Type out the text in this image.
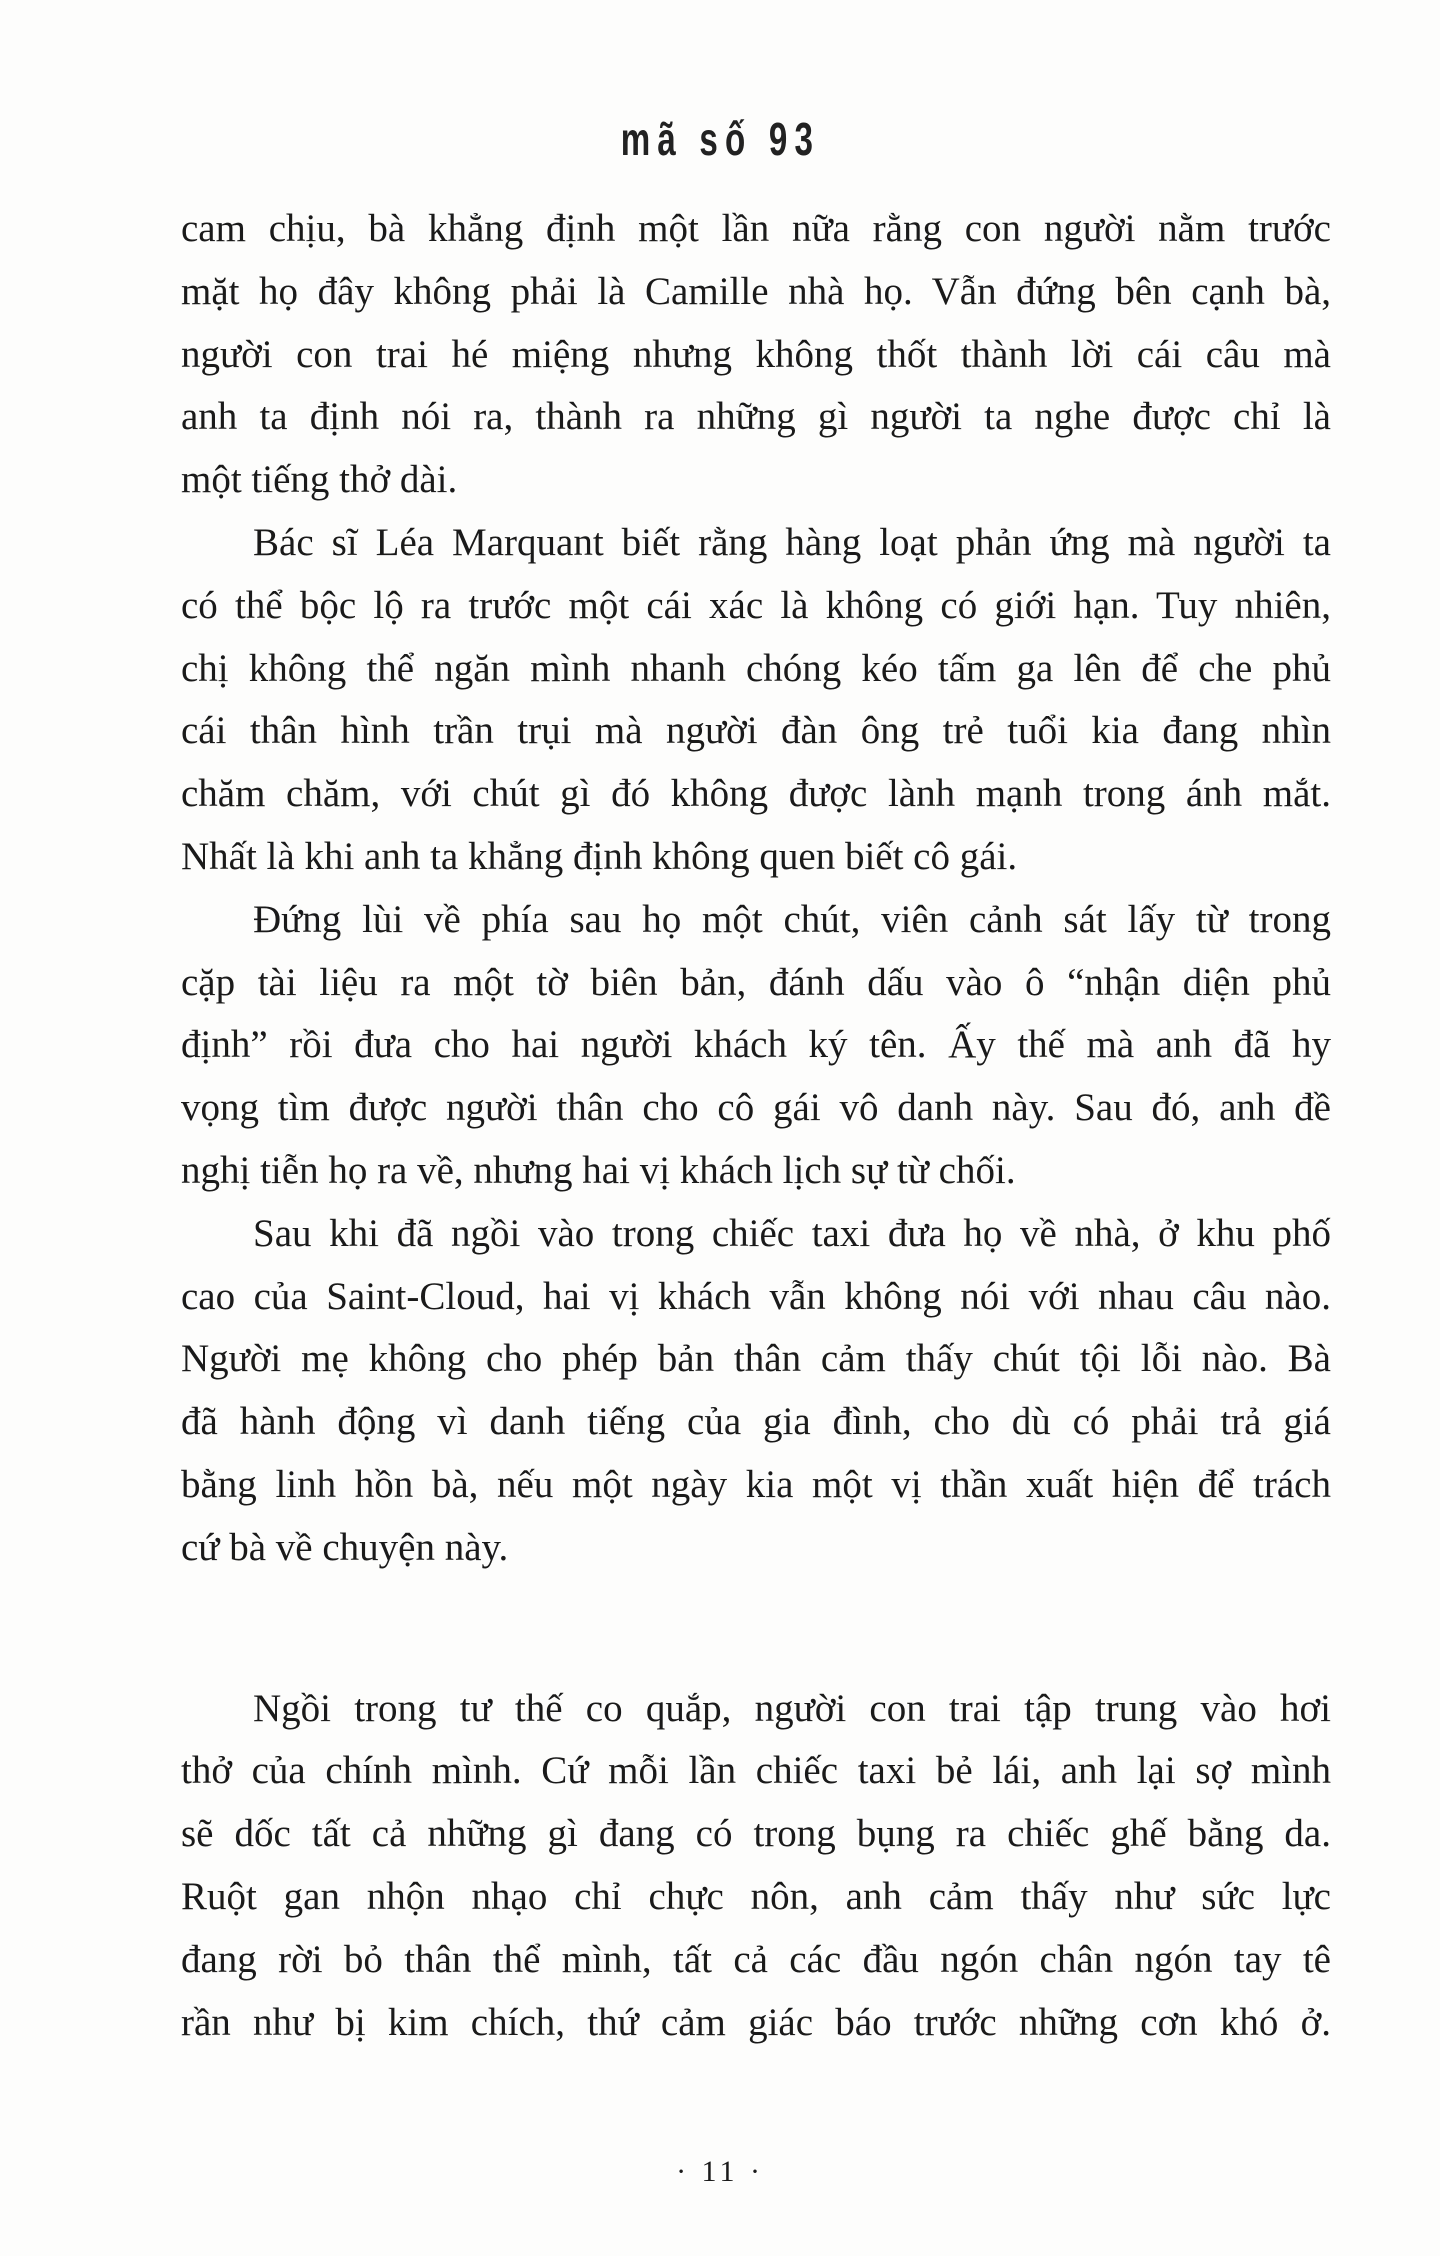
mã số 93
cam chịu, bà khẳng định một lần nữa rằng con người nằm trước
mặt họ đây không phải là Camille nhà họ. Vẫn đứng bên cạnh bà,
người con trai hé miệng nhưng không thốt thành lời cái câu mà
anh ta định nói ra, thành ra những gì người ta nghe được chỉ là
một tiếng thở dài.
Bác sĩ Léa Marquant biết rằng hàng loạt phản ứng mà người ta
có thể bộc lộ ra trước một cái xác là không có giới hạn. Tuy nhiên,
chị không thể ngăn mình nhanh chóng kéo tấm ga lên để che phủ
cái thân hình trần trụi mà người đàn ông trẻ tuổi kia đang nhìn
chăm chăm, với chút gì đó không được lành mạnh trong ánh mắt.
Nhất là khi anh ta khẳng định không quen biết cô gái.
Đứng lùi về phía sau họ một chút, viên cảnh sát lấy từ trong
cặp tài liệu ra một tờ biên bản, đánh dấu vào ô “nhận diện phủ
định” rồi đưa cho hai người khách ký tên. Ấy thế mà anh đã hy
vọng tìm được người thân cho cô gái vô danh này. Sau đó, anh đề
nghị tiễn họ ra về, nhưng hai vị khách lịch sự từ chối.
Sau khi đã ngồi vào trong chiếc taxi đưa họ về nhà, ở khu phố
cao của Saint-Cloud, hai vị khách vẫn không nói với nhau câu nào.
Người mẹ không cho phép bản thân cảm thấy chút tội lỗi nào. Bà
đã hành động vì danh tiếng của gia đình, cho dù có phải trả giá
bằng linh hồn bà, nếu một ngày kia một vị thần xuất hiện để trách
cứ bà về chuyện này.
Ngồi trong tư thế co quắp, người con trai tập trung vào hơi
thở của chính mình. Cứ mỗi lần chiếc taxi bẻ lái, anh lại sợ mình
sẽ dốc tất cả những gì đang có trong bụng ra chiếc ghế bằng da.
Ruột gan nhộn nhạo chỉ chực nôn, anh cảm thấy như sức lực
đang rời bỏ thân thể mình, tất cả các đầu ngón chân ngón tay tê
rần như bị kim chích, thứ cảm giác báo trước những cơn khó ở.
· 11 ·
